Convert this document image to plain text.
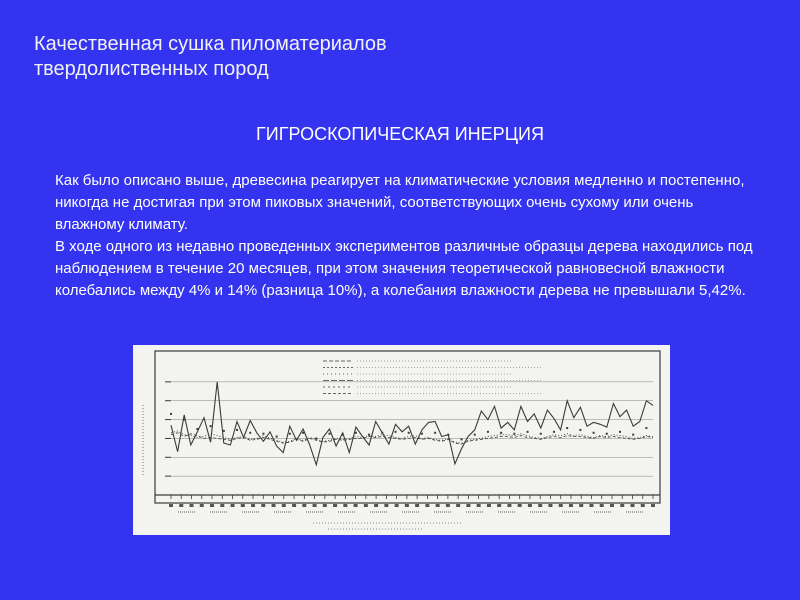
Качественная сушка пиломатериалов
твердолиственных пород
ГИГРОСКОПИЧЕСКАЯ ИНЕРЦИЯ

Как было описано выше, древесина реагирует на климатические условия медленно и постепенно, никогда не достигая при этом пиковых значений, соответствующих очень сухому или очень влажному климату.

В ходе одного из недавно проведенных экспериментов различные образцы дерева находились под наблюдением в течение 20 месяцев, при этом значения теоретической равновесной влажности колебались между 4% и 14% (разница 10%), а колебания влажности дерева не превышали 5,42%.
